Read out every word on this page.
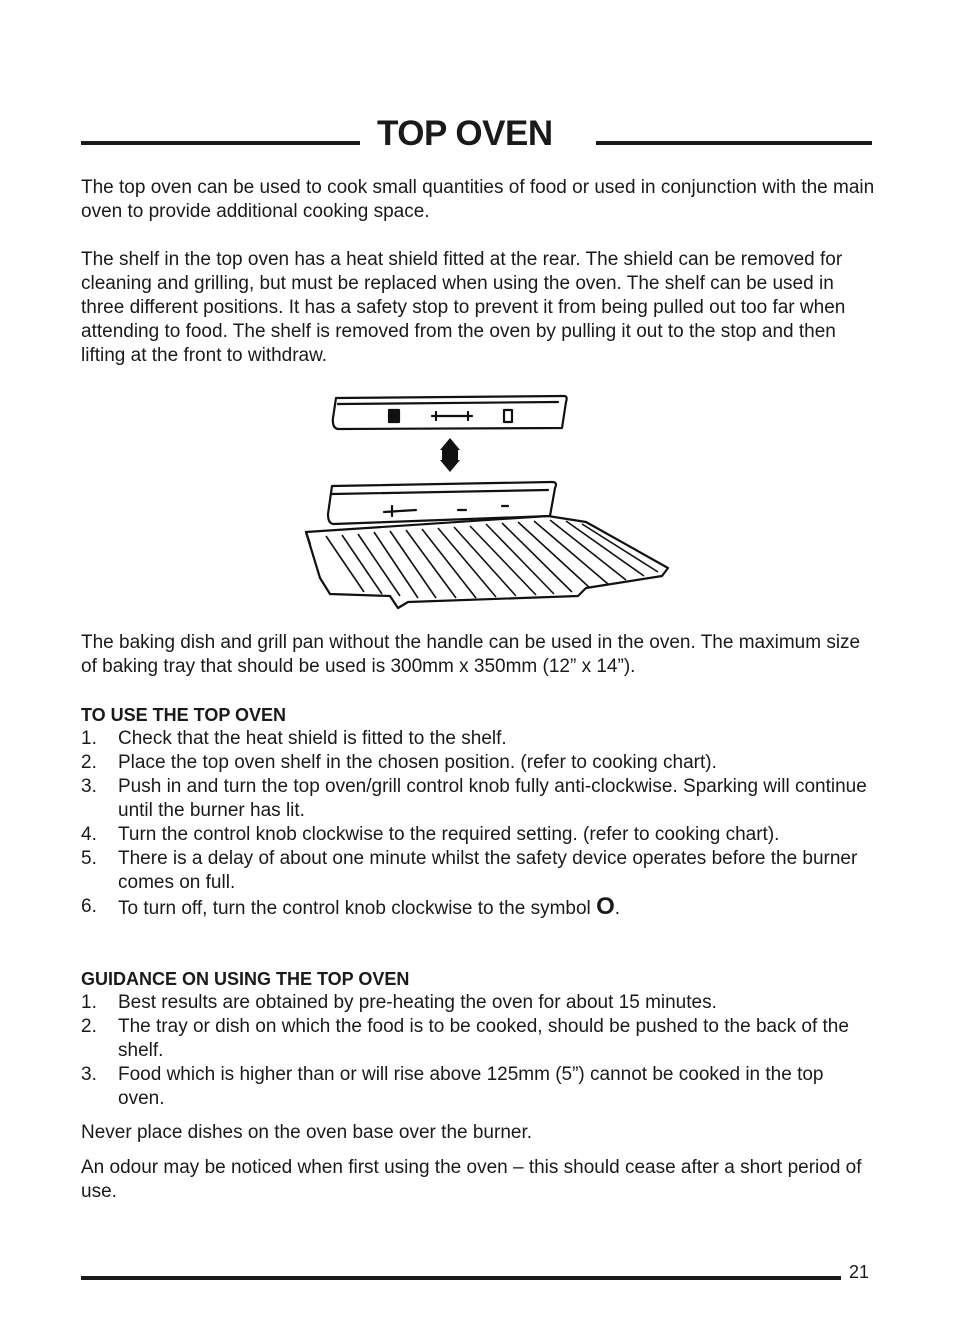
TOP OVEN

The top oven can be used to cook small quantities of food or used in conjunction with the main oven to provide additional cooking space.

The shelf in the top oven has a heat shield fitted at the rear. The shield can be removed for cleaning and grilling, but must be replaced when using the oven. The shelf can be used in three different positions. It has a safety stop to prevent it from being pulled out too far when attending to food. The shelf is removed from the oven by pulling it out to the stop and then lifting at the front to withdraw.

The baking dish and grill pan without the handle can be used in the oven. The maximum size of baking tray that should be used is 300mm x 350mm (12” x 14”).

TO USE THE TOP OVEN
1. Check that the heat shield is fitted to the shelf.
2. Place the top oven shelf in the chosen position. (refer to cooking chart).
3. Push in and turn the top oven/grill control knob fully anti-clockwise. Sparking will continue until the burner has lit.
4. Turn the control knob clockwise to the required setting. (refer to cooking chart).
5. There is a delay of about one minute whilst the safety device operates before the burner comes on full.
6. To turn off, turn the control knob clockwise to the symbol O.
GUIDANCE ON USING THE TOP OVEN
1. Best results are obtained by pre-heating the oven for about 15 minutes.
2. The tray or dish on which the food is to be cooked, should be pushed to the back of the shelf.
3. Food which is higher than or will rise above 125mm (5”) cannot be cooked in the top oven.

Never place dishes on the oven base over the burner.

An odour may be noticed when first using the oven – this should cease after a short period of use.

21
